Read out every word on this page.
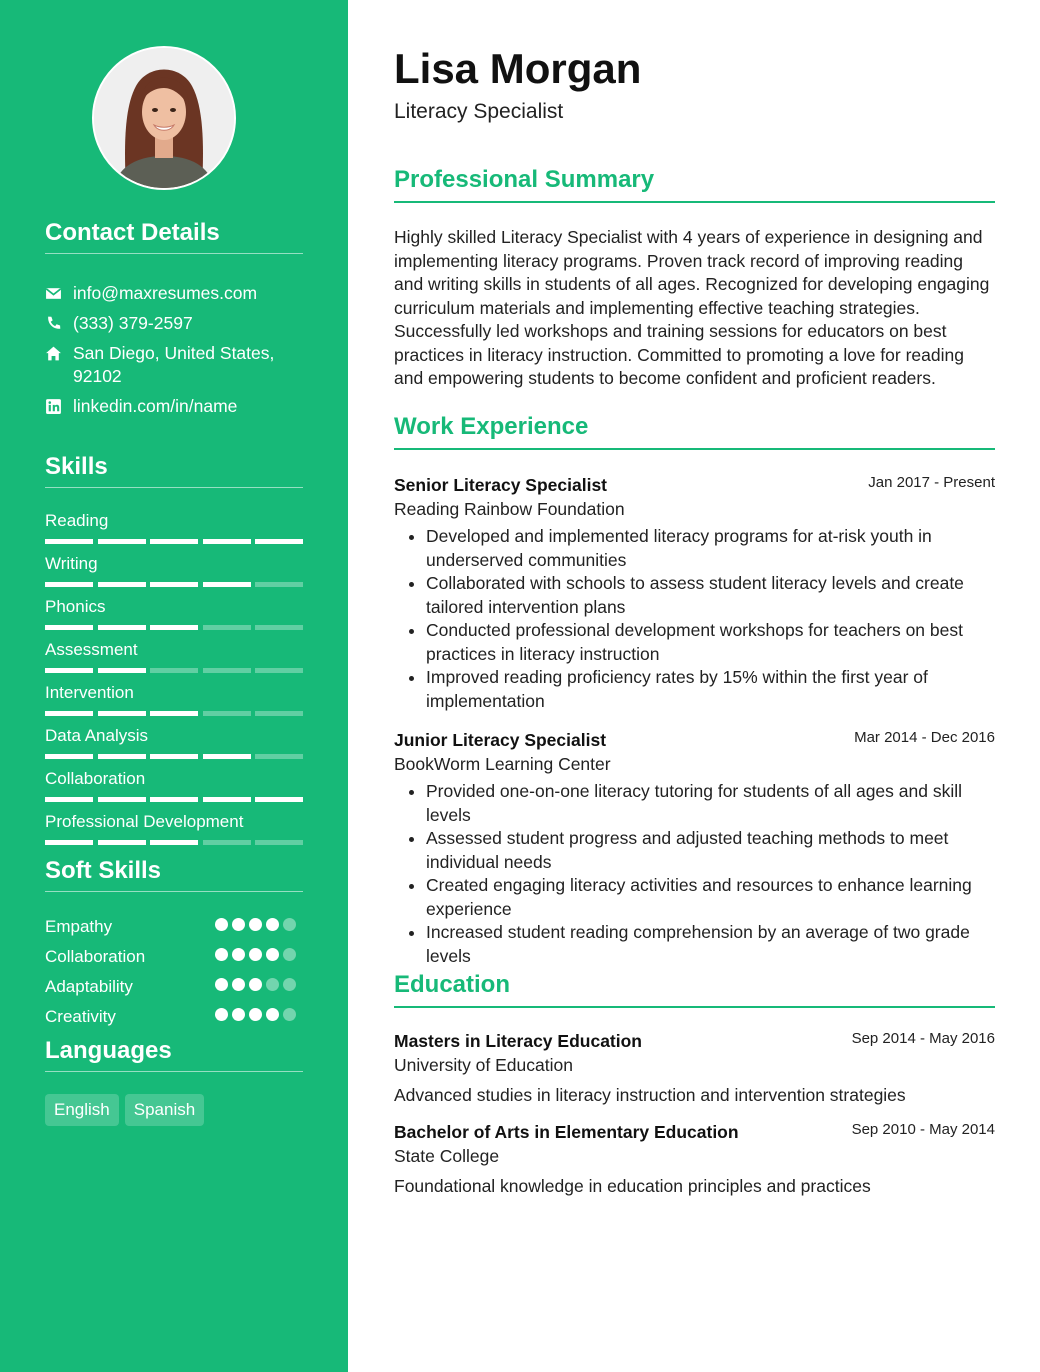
Contact Details
info@maxresumes.com
(333) 379-2597
San Diego, United States, 92102
linkedin.com/in/name
Skills
Reading
Writing
Phonics
Assessment
Intervention
Data Analysis
Collaboration
Professional Development
Soft Skills
Empathy
Collaboration
Adaptability
Creativity
Languages
English	Spanish
Lisa Morgan
Literacy Specialist
Professional Summary

Highly skilled Literacy Specialist with 4 years of experience in designing and implementing literacy programs. Proven track record of improving reading and writing skills in students of all ages. Recognized for developing engaging curriculum materials and implementing effective teaching strategies. Successfully led workshops and training sessions for educators on best practices in literacy instruction. Committed to promoting a love for reading and empowering students to become confident and proficient readers.

Work Experience
Senior Literacy Specialist	Jan 2017 - Present
Reading Rainbow Foundation
• Developed and implemented literacy programs for at-risk youth in underserved communities
• Collaborated with schools to assess student literacy levels and create tailored intervention plans
• Conducted professional development workshops for teachers on best practices in literacy instruction
• Improved reading proficiency rates by 15% within the first year of implementation
Junior Literacy Specialist	Mar 2014 - Dec 2016
BookWorm Learning Center
• Provided one-on-one literacy tutoring for students of all ages and skill levels
• Assessed student progress and adjusted teaching methods to meet individual needs
• Created engaging literacy activities and resources to enhance learning experience
• Increased student reading comprehension by an average of two grade levels
Education
Masters in Literacy Education	Sep 2014 - May 2016
University of Education
Advanced studies in literacy instruction and intervention strategies
Bachelor of Arts in Elementary Education	Sep 2010 - May 2014
State College
Foundational knowledge in education principles and practices
